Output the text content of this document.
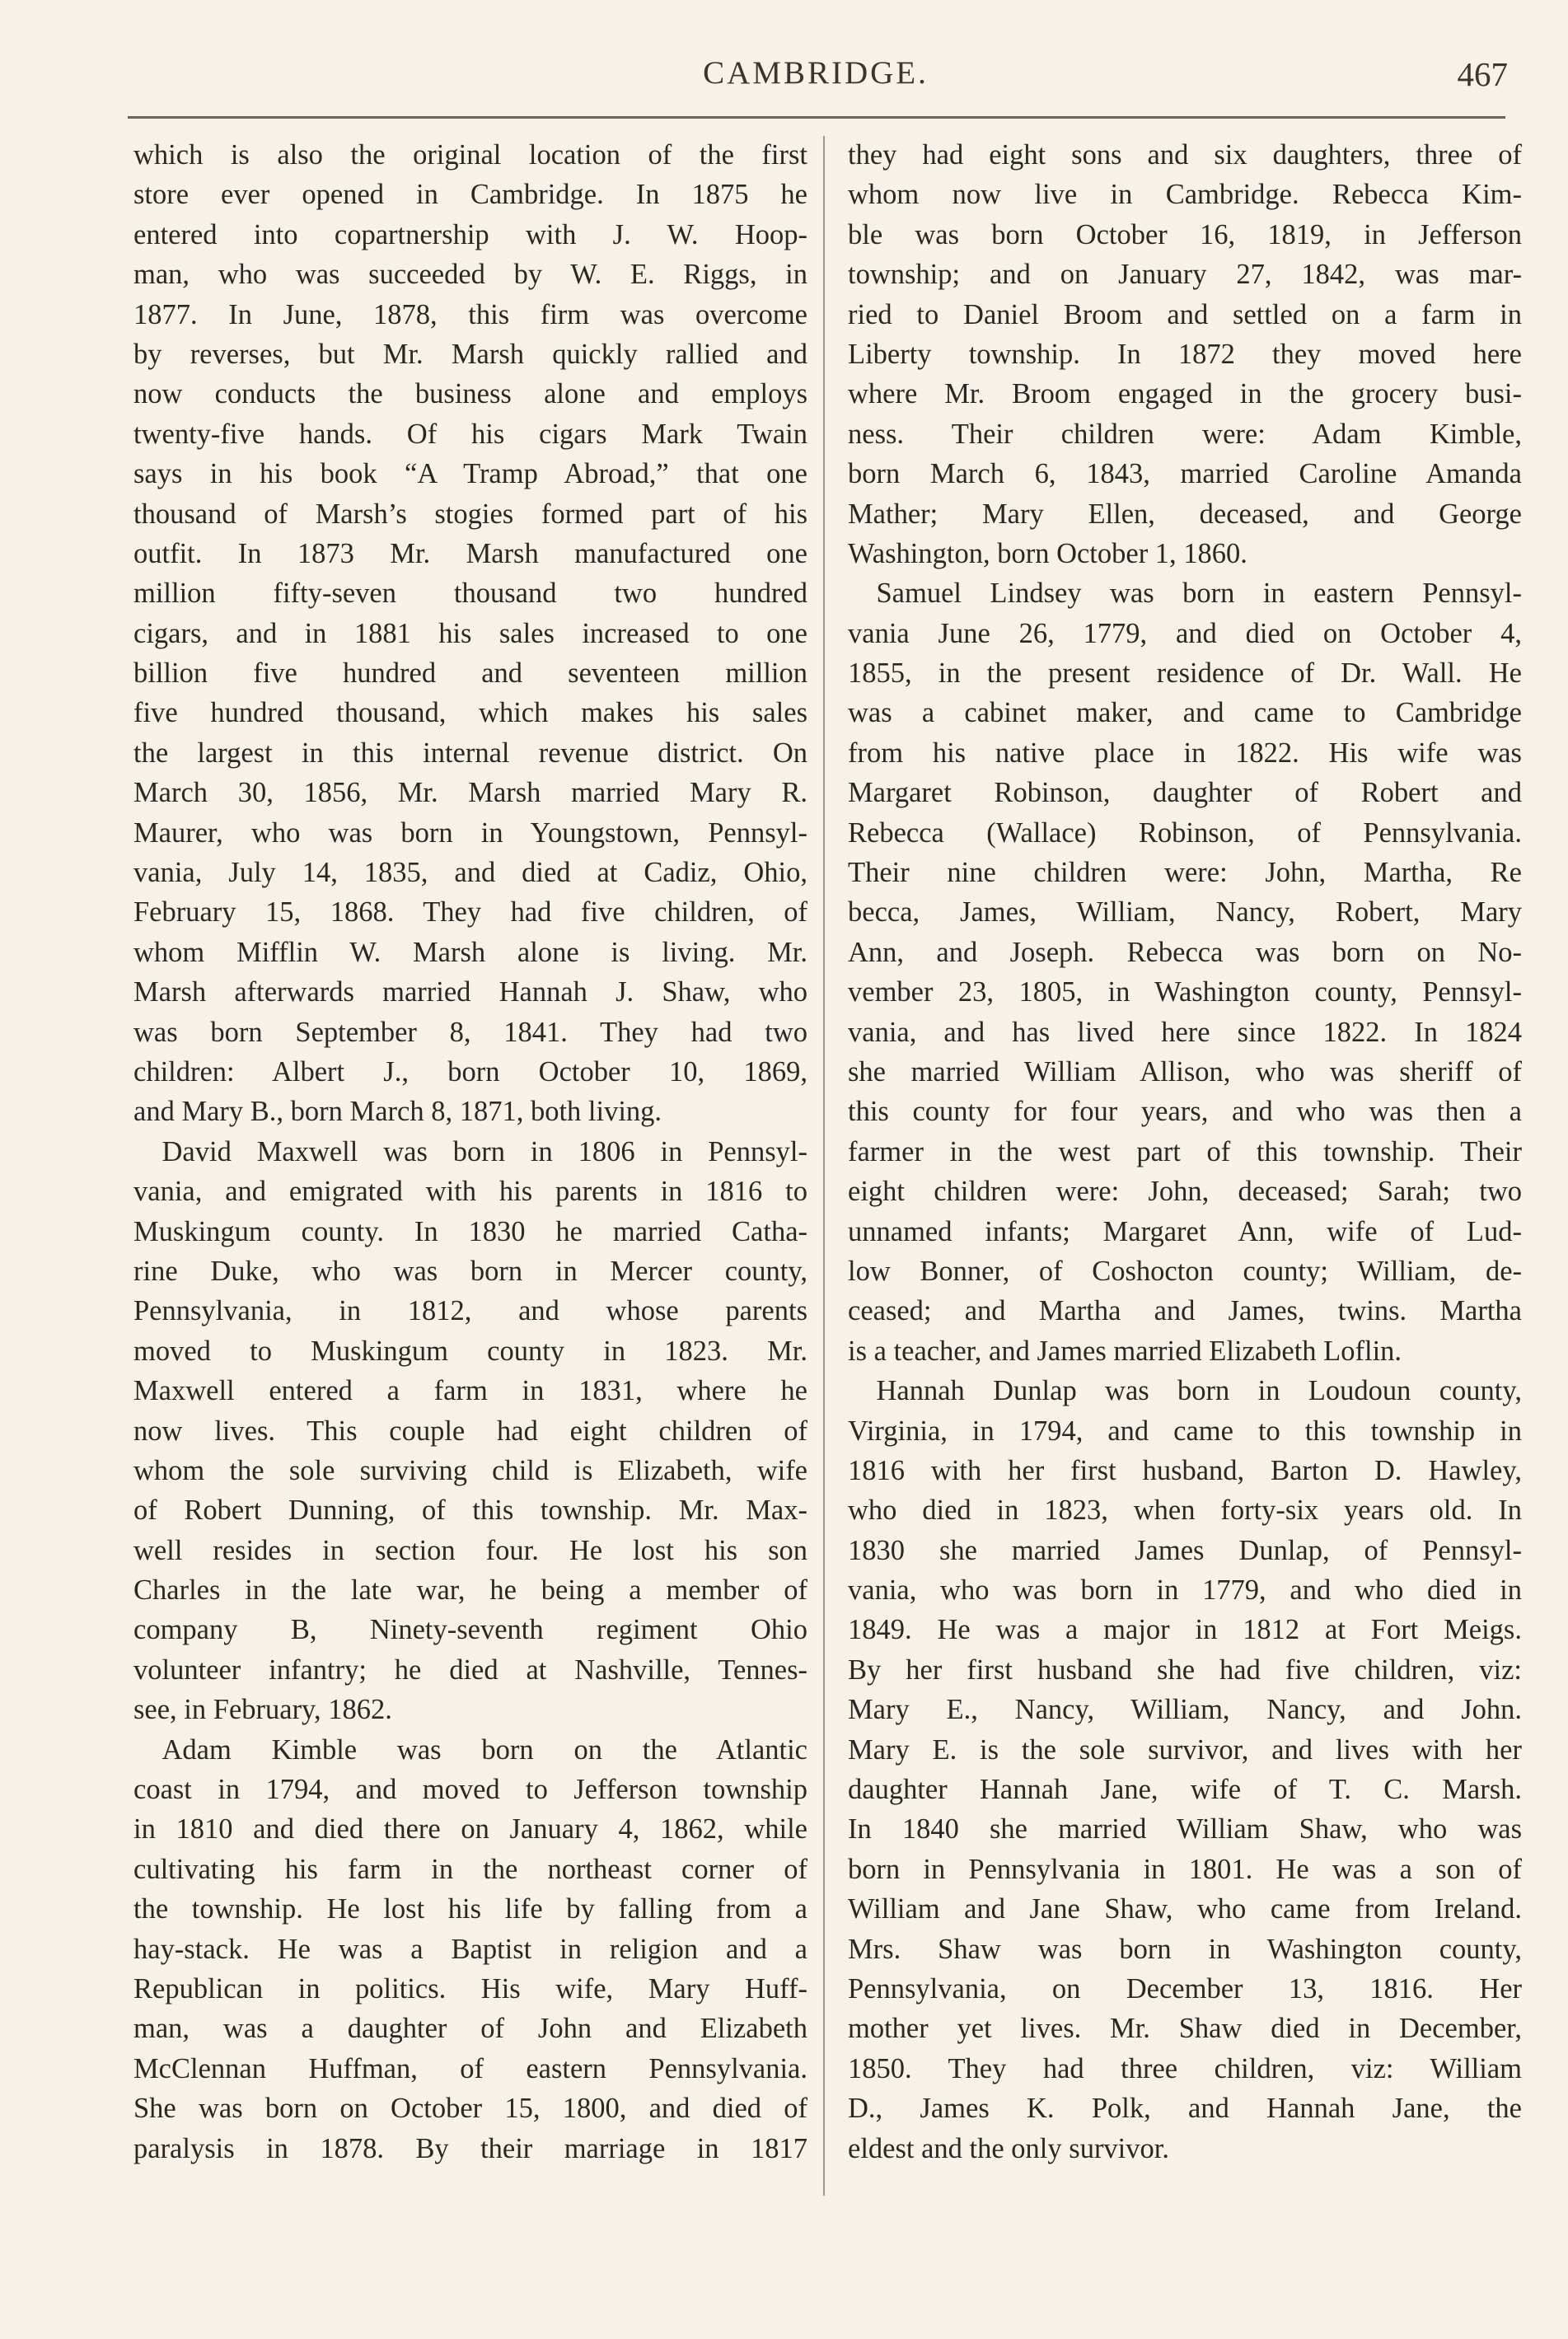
CAMBRIDGE.	467
which is also the original location of the first
store ever opened in Cambridge. In 1875 he
entered into copartnership with J. W. Hoop-
man, who was succeeded by W. E. Riggs, in
1877. In June, 1878, this firm was overcome
by reverses, but Mr. Marsh quickly rallied and
now conducts the business alone and employs
twenty-five hands. Of his cigars Mark Twain
says in his book “A Tramp Abroad,” that one
thousand of Marsh’s stogies formed part of his
outfit. In 1873 Mr. Marsh manufactured one
million fifty-seven thousand two hundred
cigars, and in 1881 his sales increased to one
billion five hundred and seventeen million
five hundred thousand, which makes his sales
the largest in this internal revenue district. On
March 30, 1856, Mr. Marsh married Mary R.
Maurer, who was born in Youngstown, Pennsyl-
vania, July 14, 1835, and died at Cadiz, Ohio,
February 15, 1868. They had five children, of
whom Mifflin W. Marsh alone is living. Mr.
Marsh afterwards married Hannah J. Shaw, who
was born September 8, 1841. They had two
children: Albert J., born October 10, 1869,
and Mary B., born March 8, 1871, both living.
 David Maxwell was born in 1806 in Pennsyl-
vania, and emigrated with his parents in 1816 to
Muskingum county. In 1830 he married Catha-
rine Duke, who was born in Mercer county,
Pennsylvania, in 1812, and whose parents
moved to Muskingum county in 1823. Mr.
Maxwell entered a farm in 1831, where he
now lives. This couple had eight children of
whom the sole surviving child is Elizabeth, wife
of Robert Dunning, of this township. Mr. Max-
well resides in section four. He lost his son
Charles in the late war, he being a member of
company B, Ninety-seventh regiment Ohio
volunteer infantry; he died at Nashville, Tennes-
see, in February, 1862.
 Adam Kimble was born on the Atlantic
coast in 1794, and moved to Jefferson township
in 1810 and died there on January 4, 1862, while
cultivating his farm in the northeast corner of
the township. He lost his life by falling from a
hay-stack. He was a Baptist in religion and a
Republican in politics. His wife, Mary Huff-
man, was a daughter of John and Elizabeth
McClennan Huffman, of eastern Pennsylvania.
She was born on October 15, 1800, and died of
paralysis in 1878. By their marriage in 1817
they had eight sons and six daughters, three of
whom now live in Cambridge. Rebecca Kim-
ble was born October 16, 1819, in Jefferson
township; and on January 27, 1842, was mar-
ried to Daniel Broom and settled on a farm in
Liberty township. In 1872 they moved here
where Mr. Broom engaged in the grocery busi-
ness. Their children were: Adam Kimble,
born March 6, 1843, married Caroline Amanda
Mather; Mary Ellen, deceased, and George
Washington, born October 1, 1860.
 Samuel Lindsey was born in eastern Pennsyl-
vania June 26, 1779, and died on October 4,
1855, in the present residence of Dr. Wall. He
was a cabinet maker, and came to Cambridge
from his native place in 1822. His wife was
Margaret Robinson, daughter of Robert and
Rebecca (Wallace) Robinson, of Pennsylvania.
Their nine children were: John, Martha, Re
becca, James, William, Nancy, Robert, Mary
Ann, and Joseph. Rebecca was born on No-
vember 23, 1805, in Washington county, Pennsyl-
vania, and has lived here since 1822. In 1824
she married William Allison, who was sheriff of
this county for four years, and who was then a
farmer in the west part of this township. Their
eight children were: John, deceased; Sarah; two
unnamed infants; Margaret Ann, wife of Lud-
low Bonner, of Coshocton county; William, de-
ceased; and Martha and James, twins. Martha
is a teacher, and James married Elizabeth Loflin.
 Hannah Dunlap was born in Loudoun county,
Virginia, in 1794, and came to this township in
1816 with her first husband, Barton D. Hawley,
who died in 1823, when forty-six years old. In
1830 she married James Dunlap, of Pennsyl-
vania, who was born in 1779, and who died in
1849. He was a major in 1812 at Fort Meigs.
By her first husband she had five children, viz:
Mary E., Nancy, William, Nancy, and John.
Mary E. is the sole survivor, and lives with her
daughter Hannah Jane, wife of T. C. Marsh.
In 1840 she married William Shaw, who was
born in Pennsylvania in 1801. He was a son of
William and Jane Shaw, who came from Ireland.
Mrs. Shaw was born in Washington county,
Pennsylvania, on December 13, 1816. Her
mother yet lives. Mr. Shaw died in December,
1850. They had three children, viz: William
D., James K. Polk, and Hannah Jane, the
eldest and the only survivor.
